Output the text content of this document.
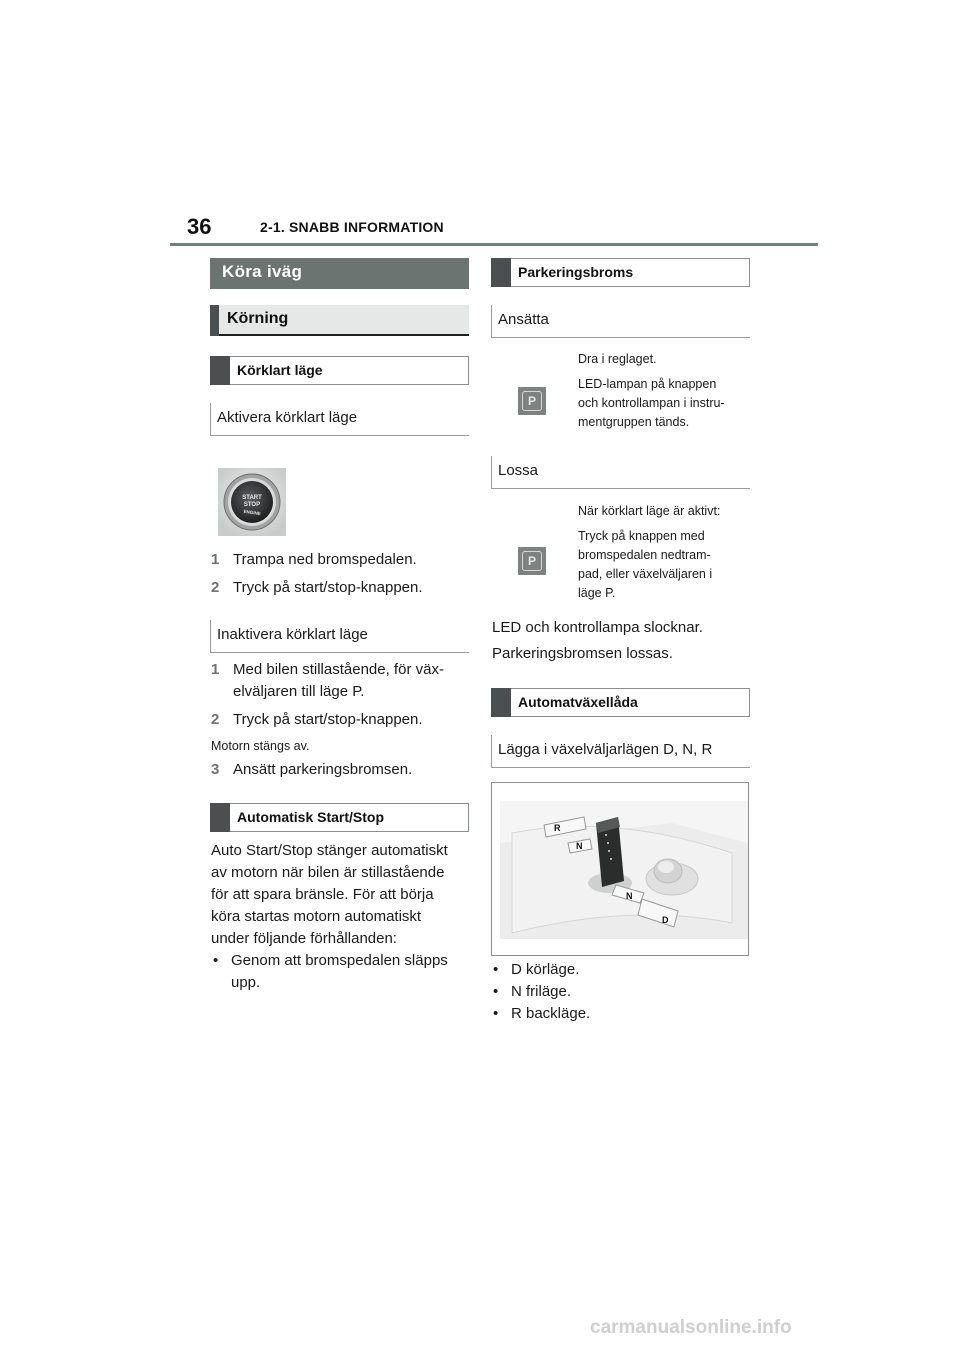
36	2-1. SNABB INFORMATION
Köra iväg
Körning
Körklart läge
Aktivera körklart läge
START
STOP
ENGINE
1 Trampa ned bromspedalen.
2 Tryck på start/stop-knappen.
Inaktivera körklart läge
1 Med bilen stillastående, för väx-
elväljaren till läge P.
2 Tryck på start/stop-knappen.
Motorn stängs av.
3 Ansätt parkeringsbromsen.
Automatisk Start/Stop
Auto Start/Stop stänger automatiskt
av motorn när bilen är stillastående
för att spara bränsle. För att börja
köra startas motorn automatiskt
under följande förhållanden:
• Genom att bromspedalen släpps
upp.
Parkeringsbroms
Ansätta
P
Dra i reglaget.
LED-lampan på knappen
och kontrollampan i instru-
mentgruppen tänds.
Lossa
P
När körklart läge är aktivt:
Tryck på knappen med
bromspedalen nedtram-
pad, eller växelväljaren i
läge P.
LED och kontrollampa slocknar.
Parkeringsbromsen lossas.
Automatväxellåda
Lägga i växelväljarlägen D, N, R
R
N
N
D
• D körläge.
• N friläge.
• R backläge.
carmanualsonline.info
